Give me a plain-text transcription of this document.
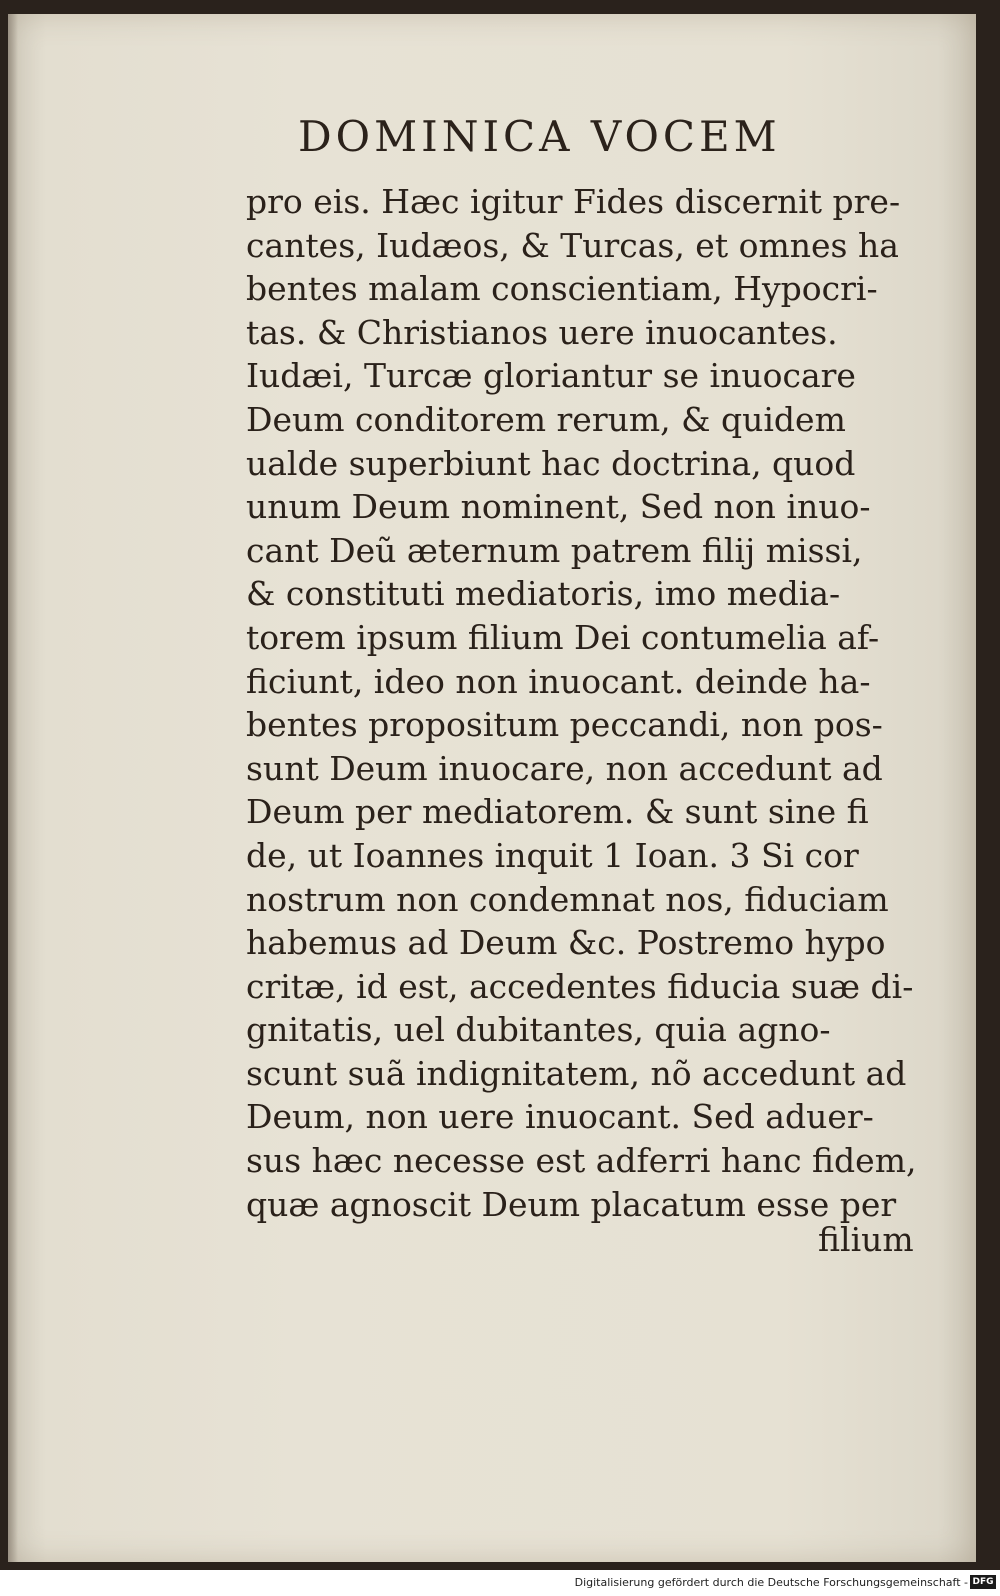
DOMINICA VOCEM
pro eis. Hæc igitur Fides discernit pre-
cantes, Iudæos, & Turcas, et omnes ha
bentes malam conscientiam, Hypocri-
tas. & Christianos uere inuocantes.
Iudæi, Turcæ gloriantur se inuocare
Deum conditorem rerum, & quidem
ualde superbiunt hac doctrina, quod
unum Deum nominent, Sed non inuo-
cant Deũ æternum patrem filij missi,
& constituti mediatoris, imo media-
torem ipsum filium Dei contumelia af-
ficiunt, ideo non inuocant. deinde ha-
bentes propositum peccandi, non pos-
sunt Deum inuocare, non accedunt ad
Deum per mediatorem. & sunt sine fi
de, ut Ioannes inquit 1 Ioan. 3 Si cor
nostrum non condemnat nos, fiduciam
habemus ad Deum &c. Postremo hypo
critæ, id est, accedentes fiducia suæ di-
gnitatis, uel dubitantes, quia agno-
scunt suã indignitatem, nõ accedunt ad
Deum, non uere inuocant. Sed aduer-
sus hæc necesse est adferri hanc fidem,
quæ agnoscit Deum placatum esse per
filium
Digitalisierung gefördert durch die Deutsche Forschungsgemeinschaft - DFG
